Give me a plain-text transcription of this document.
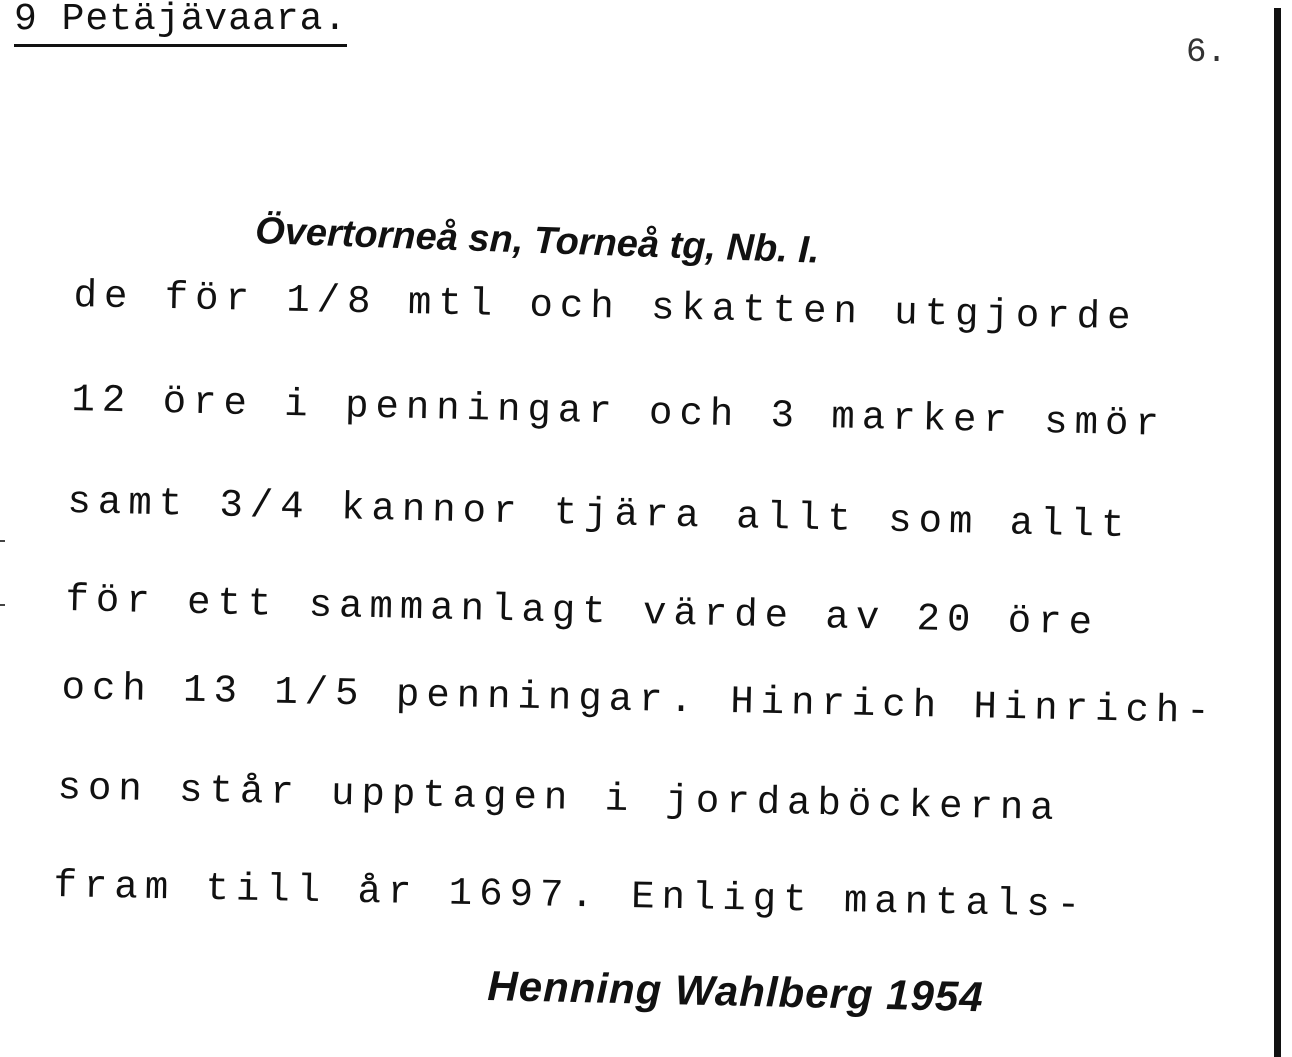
9 Petäjävaara.
6.
Övertorneå sn, Torneå tg, Nb. I.
de för 1/8 mtl och skatten utgjorde
12 öre i penningar och 3 marker smör
samt 3/4 kannor tjära allt som allt
för ett sammanlagt värde av 20 öre
och 13 1/5 penningar. Hinrich Hinrich-
son står upptagen i jordaböckerna
fram till år 1697. Enligt mantals-
Henning Wahlberg 1954
